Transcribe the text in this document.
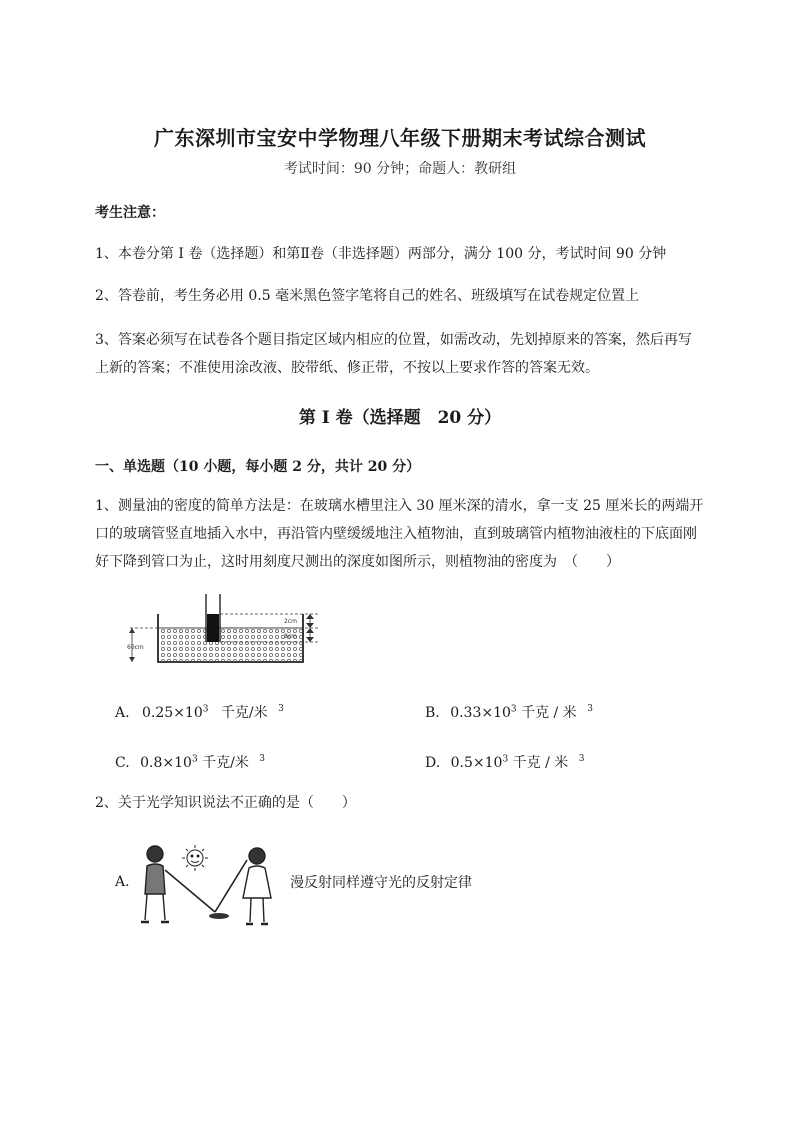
广东深圳市宝安中学物理八年级下册期末考试综合测试
考试时间：90 分钟；命题人：教研组
考生注意：
1、本卷分第 I 卷（选择题）和第Ⅱ卷（非选择题）两部分，满分 100 分，考试时间 90 分钟
2、答卷前，考生务必用 0.5 毫米黑色签字笔将自己的姓名、班级填写在试卷规定位置上
3、答案必须写在试卷各个题目指定区域内相应的位置，如需改动，先划掉原来的答案，然后再写上新的答案；不准使用涂改液、胶带纸、修正带，不按以上要求作答的答案无效。
第 I 卷（选择题　20 分）
一、单选题（10 小题，每小题 2 分，共计 20 分）
1、测量油的密度的简单方法是：在玻璃水槽里注入 30 厘米深的清水，拿一支 25 厘米长的两端开口的玻璃管竖直地插入水中，再沿管内壁缓缓地注入植物油，直到玻璃管内植物油液柱的下底面刚好下降到管口为止，这时用刻度尺测出的深度如图所示，则植物油的密度为　（　　）
60cm
2cm
8cm
A. $0.25\times 10^3$ 千克/米 $^3$	B. $0.33\times 10^3$ 千克 / 米 $^3$
C. $0.8\times 10^3$ 千克/米 $^3$	D. $0.5\times 10^3$ 千克 / 米 $^3$
2、关于光学知识说法不正确的是（　　）
A.	漫反射同样遵守光的反射定律
